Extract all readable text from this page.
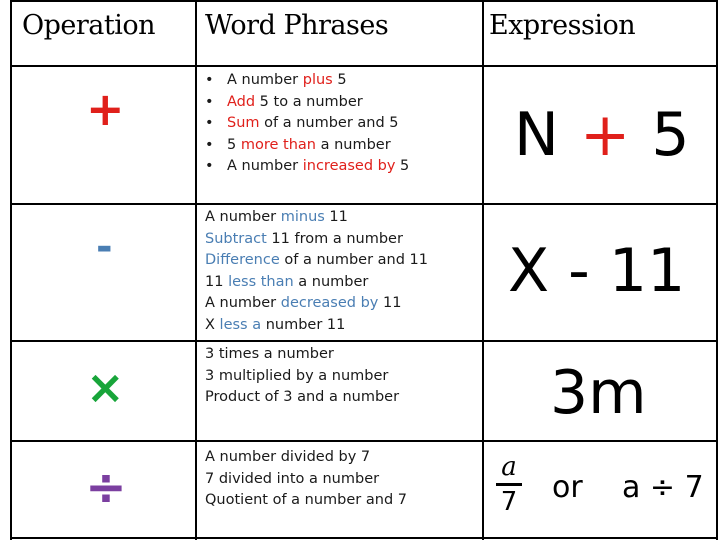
Operation Word Phrases	Expression
+
• A number plus 5
• Add 5 to a number
• Sum of a number and 5
• 5 more than a number
• A number increased by 5 N + 5
-
A number minus 11
Subtract 11 from a number
Difference of a number and 11
11 less than a number
A number decreased by 11
X less a number 11
X - 11
×
3 times a number
3 multiplied by a number
Product of 3 and a number	3m
÷
A number divided by 7
7 divided into a number
Quotient of a number and 7
a
7 or a ÷ 7
